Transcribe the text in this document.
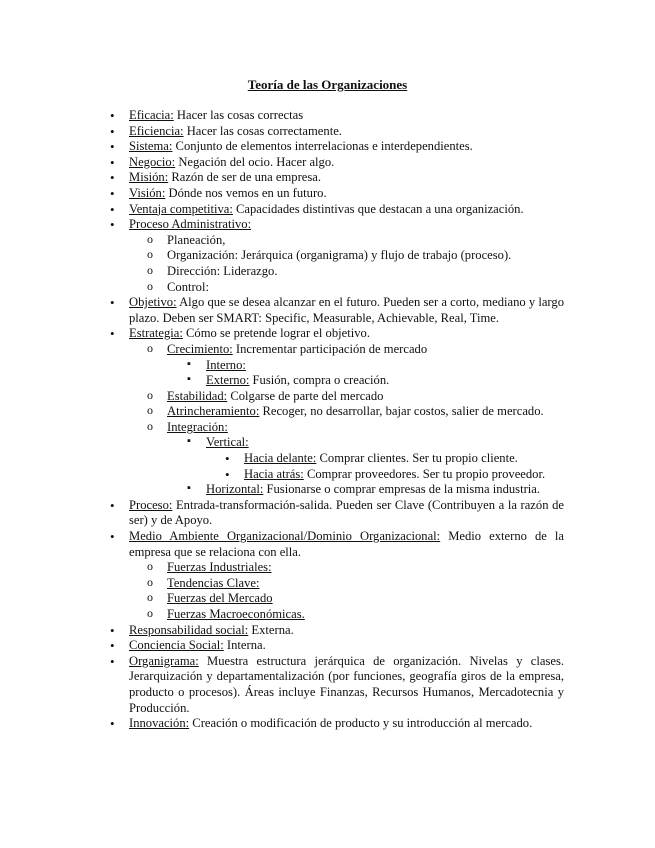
Teoría de las Organizaciones
• Eficacia: Hacer las cosas correctas
• Eficiencia: Hacer las cosas correctamente.
• Sistema: Conjunto de elementos interrelacionas e interdependientes.
• Negocio: Negación del ocio. Hacer algo.
• Misión: Razón de ser de una empresa.
• Visión: Dónde nos vemos en un futuro.
• Ventaja competitiva: Capacidades distintivas que destacan a una organización.
• Proceso Administrativo:
o Planeación,
o Organización: Jerárquica (organigrama) y flujo de trabajo (proceso).
o Dirección: Liderazgo.
o Control:
• Objetivo: Algo que se desea alcanzar en el futuro. Pueden ser a corto, mediano y largo plazo. Deben ser SMART: Specific, Measurable, Achievable, Real, Time.
• Estrategia: Cómo se pretende lograr el objetivo.
o Crecimiento: Incrementar participación de mercado
▪ Interno:
▪ Externo: Fusión, compra o creación.
o Estabilidad: Colgarse de parte del mercado
o Atrincheramiento: Recoger, no desarrollar, bajar costos, salier de mercado.
o Integración:
▪ Vertical:
• Hacia delante: Comprar clientes. Ser tu propio cliente.
• Hacia atrás: Comprar proveedores. Ser tu propio proveedor.
▪ Horizontal: Fusionarse o comprar empresas de la misma industria.
• Proceso: Entrada-transformación-salida. Pueden ser Clave (Contribuyen a la razón de ser) y de Apoyo.
• Medio Ambiente Organizacional/Dominio Organizacional: Medio externo de la empresa que se relaciona con ella.
o Fuerzas Industriales:
o Tendencias Clave:
o Fuerzas del Mercado
o Fuerzas Macroeconómicas.
• Responsabilidad social: Externa.
• Conciencia Social: Interna.
• Organigrama: Muestra estructura jerárquica de organización. Nivelas y clases. Jerarquización y departamentalización (por funciones, geografía giros de la empresa, producto o procesos). Áreas incluye Finanzas, Recursos Humanos, Mercadotecnia y Producción.
• Innovación: Creación o modificación de producto y su introducción al mercado.
